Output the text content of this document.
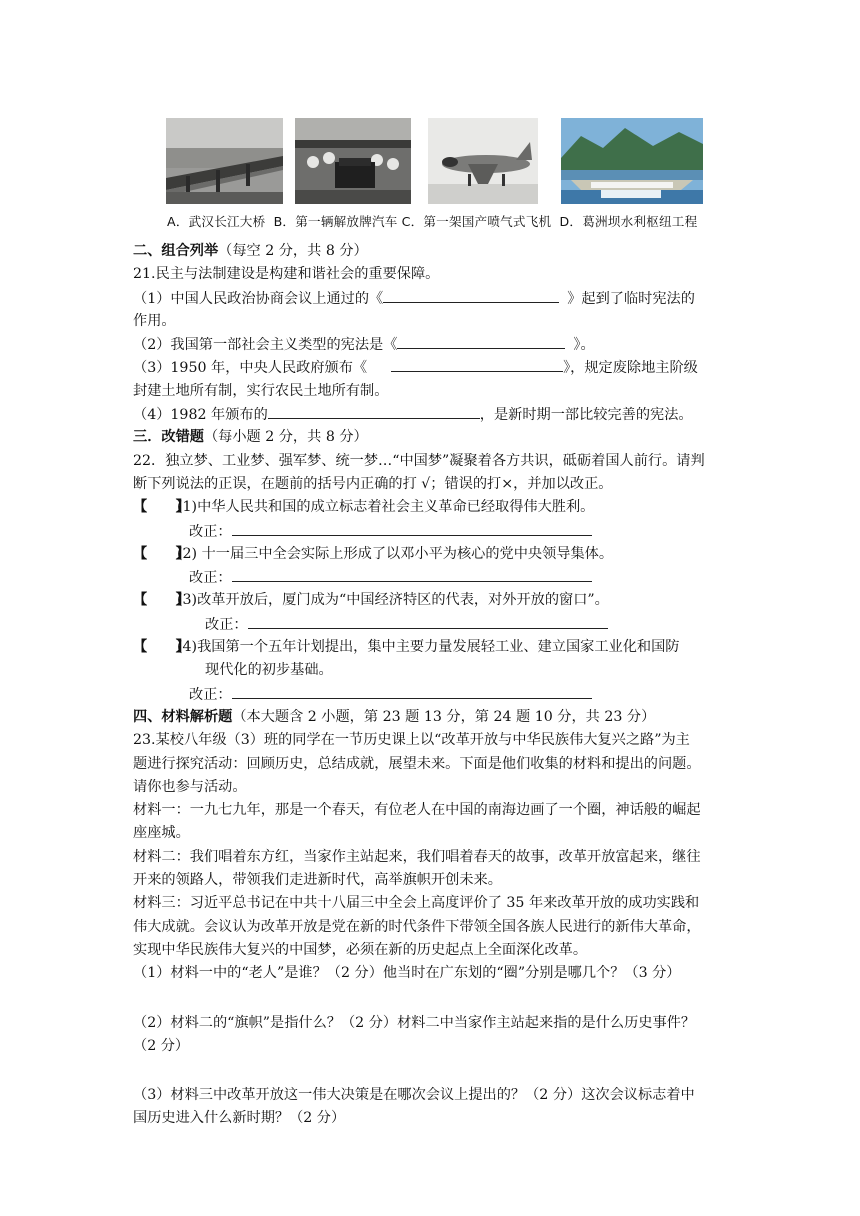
A．武汉长江大桥 B．第一辆解放牌汽车 C．第一架国产喷气式飞机 D．葛洲坝水利枢纽工程
二、组合列举（每空 2 分，共 8 分）
21.民主与法制建设是构建和谐社会的重要保障。
（1）中国人民政治协商会议上通过的《	》起到了临时宪法的
作用。
（2）我国第一部社会主义类型的宪法是《	》。
（3）1950 年，中央人民政府颁布《	》，规定废除地主阶级
封建土地所有制，实行农民土地所有制。
（4）1982 年颁布的	，是新时期一部比较完善的宪法。
三．改错题（每小题 2 分，共 8 分）
22．独立梦、工业梦、强军梦、统一梦…“中国梦”凝聚着各方共识，砥砺着国人前行。请判
断下列说法的正误，在题前的括号内正确的打 √；错误的打×，并加以改正。
【　　】(1)中华人民共和国的成立标志着社会主义革命已经取得伟大胜利。
改正：
【　　】(2) 十一届三中全会实际上形成了以邓小平为核心的党中央领导集体。
改正：
【　　】(3)改革开放后，厦门成为“中国经济特区的代表，对外开放的窗口”。
改正：
【　　】(4)我国第一个五年计划提出，集中主要力量发展轻工业、建立国家工业化和国防
现代化的初步基础。
改正：
四、材料解析题（本大题含 2 小题，第 23 题 13 分，第 24 题 10 分，共 23 分）
23.某校八年级（3）班的同学在一节历史课上以“改革开放与中华民族伟大复兴之路”为主
题进行探究活动：回顾历史，总结成就，展望未来。下面是他们收集的材料和提出的问题。
请你也参与活动。
材料一：一九七九年，那是一个春天，有位老人在中国的南海边画了一个圈，神话般的崛起
座座城。
材料二：我们唱着东方红，当家作主站起来，我们唱着春天的故事，改革开放富起来，继往
开来的领路人，带领我们走进新时代，高举旗帜开创未来。
材料三：习近平总书记在中共十八届三中全会上高度评价了 35 年来改革开放的成功实践和
伟大成就。会议认为改革开放是党在新的时代条件下带领全国各族人民进行的新伟大革命，
实现中华民族伟大复兴的中国梦，必须在新的历史起点上全面深化改革。
（1）材料一中的“老人”是谁？（2 分）他当时在广东划的“圈”分别是哪几个？（3 分）
（2）材料二的“旗帜”是指什么？（2 分）材料二中当家作主站起来指的是什么历史事件？
（2 分）
（3）材料三中改革开放这一伟大决策是在哪次会议上提出的？（2 分）这次会议标志着中
国历史进入什么新时期？（2 分）
